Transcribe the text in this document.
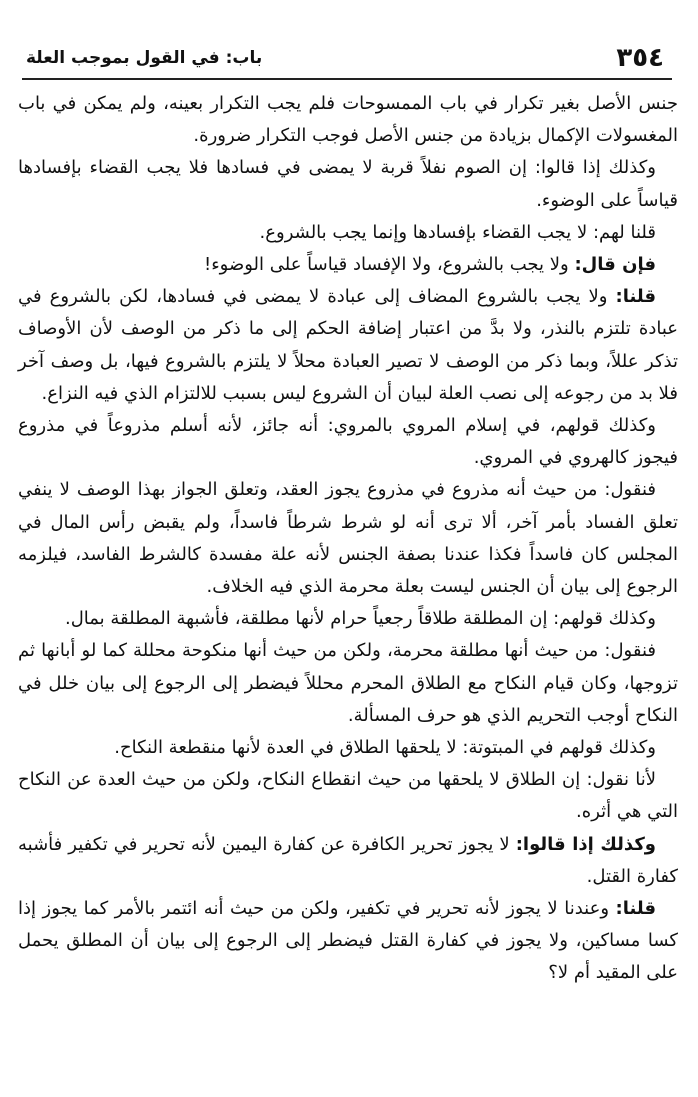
٣٥٤
باب: في القول بموجب العلة

جنس الأصل بغير تكرار في باب الممسوحات فلم يجب التكرار بعينه، ولم يمكن في باب المغسولات الإكمال بزيادة من جنس الأصل فوجب التكرار ضرورة.

وكذلك إذا قالوا: إن الصوم نفلاً قربة لا يمضى في فسادها فلا يجب القضاء بإفسادها قياساً على الوضوء.

قلنا لهم: لا يجب القضاء بإفسادها وإنما يجب بالشروع.

فإن قال: ولا يجب بالشروع، ولا الإفساد قياساً على الوضوء!

قلنا: ولا يجب بالشروع المضاف إلى عبادة لا يمضى في فسادها، لكن بالشروع في عبادة تلتزم بالنذر، ولا بدَّ من اعتبار إضافة الحكم إلى ما ذكر من الوصف لأن الأوصاف تذكر عللاً، وبما ذكر من الوصف لا تصير العبادة محلاً لا يلتزم بالشروع فيها، بل وصف آخر فلا بد من رجوعه إلى نصب العلة لبيان أن الشروع ليس بسبب للالتزام الذي فيه النزاع.

وكذلك قولهم، في إسلام المروي بالمروي: أنه جائز، لأنه أسلم مذروعاً في مذروع فيجوز كالهروي في المروي.

فنقول: من حيث أنه مذروع في مذروع يجوز العقد، وتعلق الجواز بهذا الوصف لا ينفي تعلق الفساد بأمر آخر، ألا ترى أنه لو شرط شرطاً فاسداً، ولم يقبض رأس المال في المجلس كان فاسداً فكذا عندنا بصفة الجنس لأنه علة مفسدة كالشرط الفاسد، فيلزمه الرجوع إلى بيان أن الجنس ليست بعلة محرمة الذي فيه الخلاف.

وكذلك قولهم: إن المطلقة طلاقاً رجعياً حرام لأنها مطلقة، فأشبهة المطلقة بمال.

فنقول: من حيث أنها مطلقة محرمة، ولكن من حيث أنها منكوحة محللة كما لو أبانها ثم تزوجها، وكان قيام النكاح مع الطلاق المحرم محللاً فيضطر إلى الرجوع إلى بيان خلل في النكاح أوجب التحريم الذي هو حرف المسألة.

وكذلك قولهم في المبتوتة: لا يلحقها الطلاق في العدة لأنها منقطعة النكاح.

لأنا نقول: إن الطلاق لا يلحقها من حيث انقطاع النكاح، ولكن من حيث العدة عن النكاح التي هي أثره.

وكذلك إذا قالوا: لا يجوز تحرير الكافرة عن كفارة اليمين لأنه تحرير في تكفير فأشبه كفارة القتل.

قلنا: وعندنا لا يجوز لأنه تحرير في تكفير، ولكن من حيث أنه ائتمر بالأمر كما يجوز إذا كسا مساكين، ولا يجوز في كفارة القتل فيضطر إلى الرجوع إلى بيان أن المطلق يحمل على المقيد أم لا؟
